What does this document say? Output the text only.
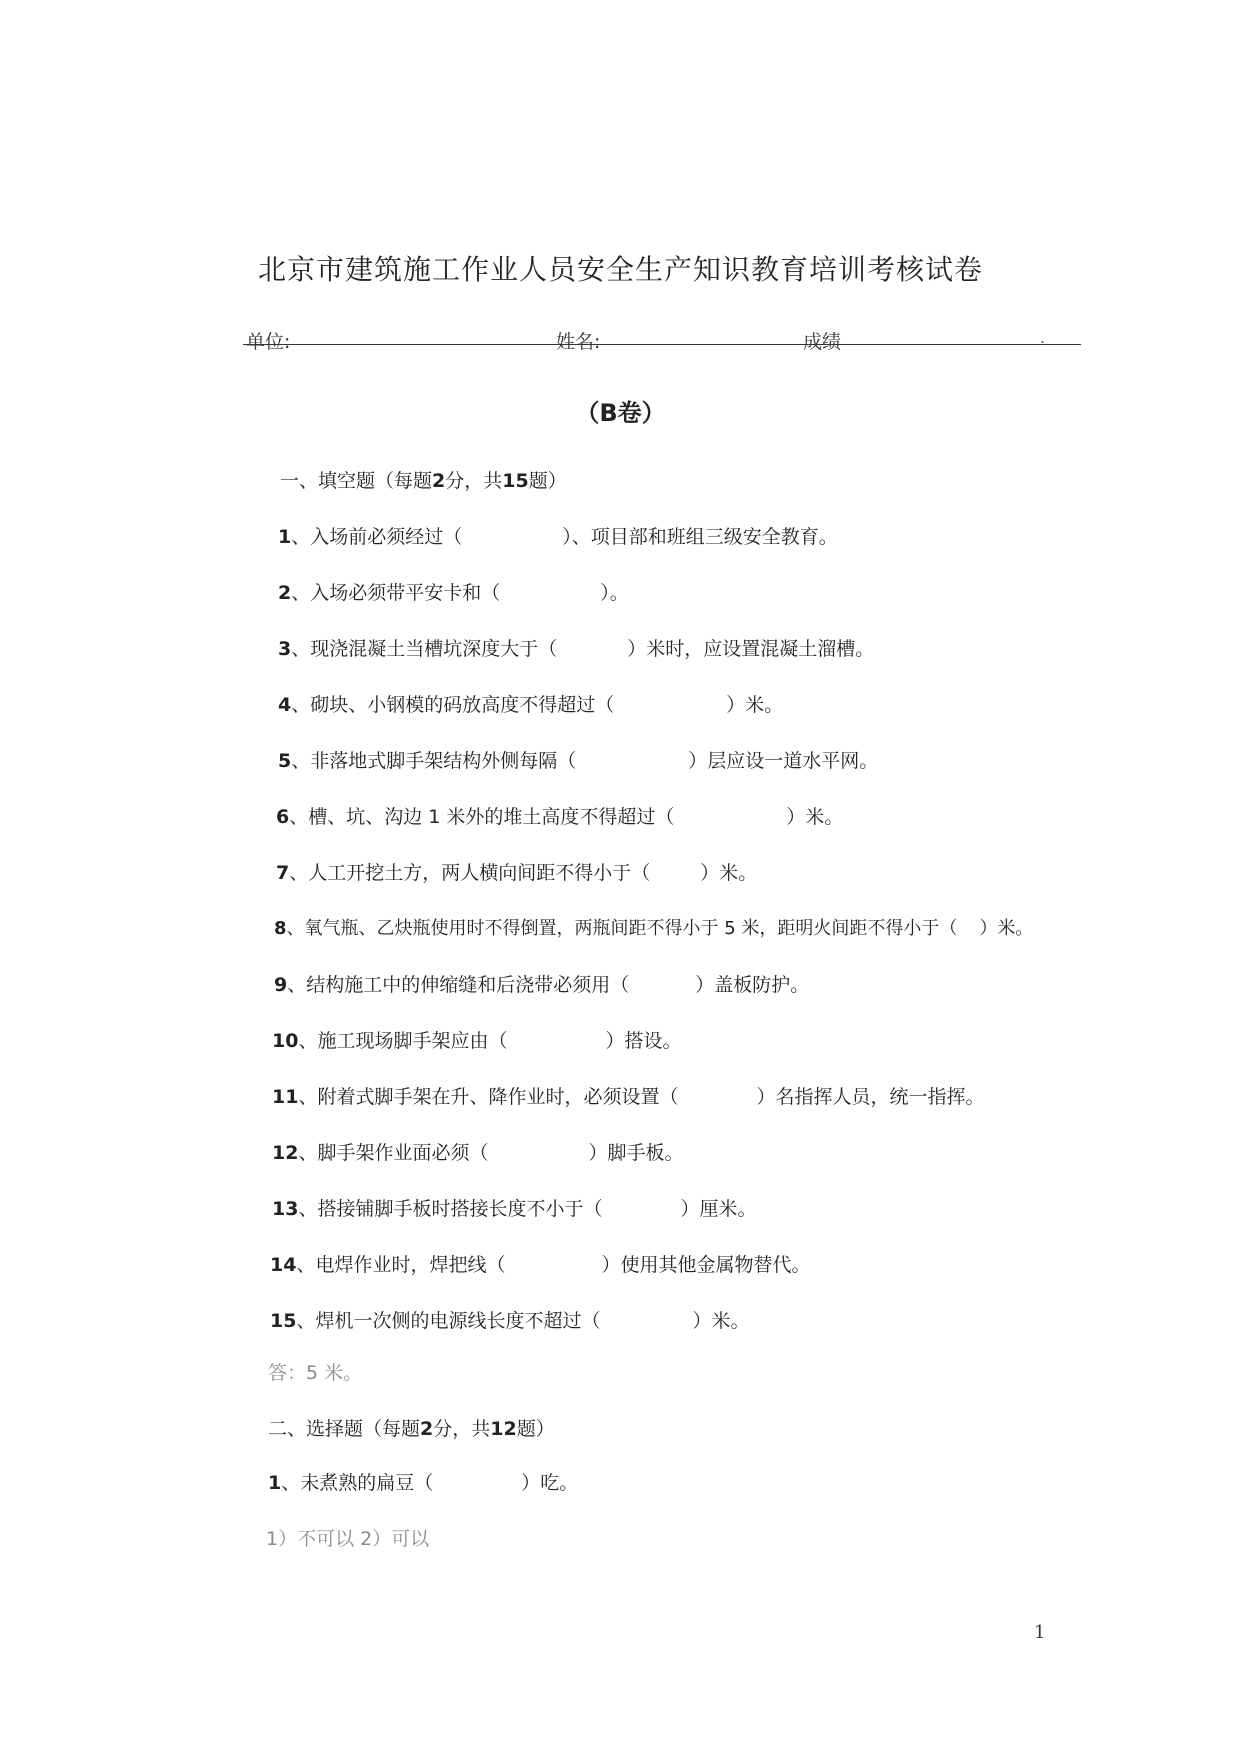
北京市建筑施工作业人员安全生产知识教育培训考核试卷
单位:	姓名:	成绩	.
（B卷）
一、填空题（每题2分，共15题）
1、入场前必须经过（	）、项目部和班组三级安全教育。
2、入场必须带平安卡和（	）。
3、现浇混凝土当槽坑深度大于（	）米时，应设置混凝土溜槽。
4、砌块、小钢模的码放高度不得超过（	）米。
5、非落地式脚手架结构外侧每隔（	）层应设一道水平网。
6、槽、坑、沟边 1 米外的堆土高度不得超过（	）米。
7、人工开挖土方，两人横向间距不得小于（	）米。
8、氧气瓶、乙炔瓶使用时不得倒置，两瓶间距不得小于 5 米，距明火间距不得小于（ ）米。
9、结构施工中的伸缩缝和后浇带必须用（	）盖板防护。
10、施工现场脚手架应由（	）搭设。
11、附着式脚手架在升、降作业时，必须设置（	）名指挥人员，统一指挥。
12、脚手架作业面必须（	）脚手板。
13、搭接铺脚手板时搭接长度不小于（	）厘米。
14、电焊作业时，焊把线（	）使用其他金属物替代。
15、焊机一次侧的电源线长度不超过（	）米。
答：5 米。
二、选择题（每题2分，共12题）
1、未煮熟的扁豆（	）吃。
1）不可以 2）可以
1
